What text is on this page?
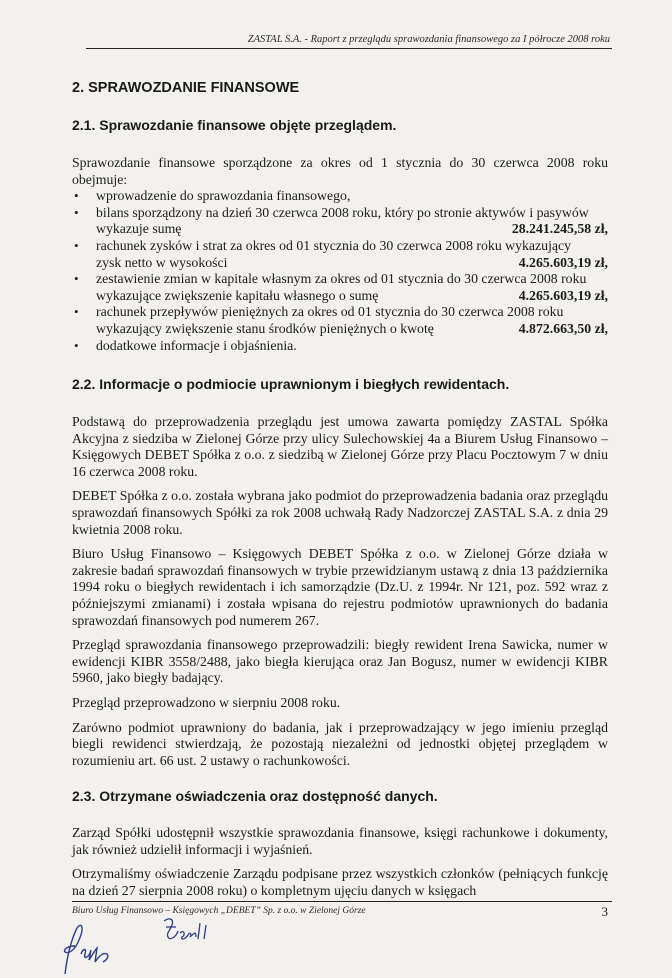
ZASTAL S.A. - Raport z przeglądu sprawozdania finansowego za I półrocze 2008 roku
2. SPRAWOZDANIE FINANSOWE
2.1. Sprawozdanie finansowe objęte przeglądem.

Sprawozdanie finansowe sporządzone za okres od 1 stycznia do 30 czerwca 2008 roku obejmuje:

• wprowadzenie do sprawozdania finansowego,
• bilans sporządzony na dzień 30 czerwca 2008 roku, który po stronie aktywów i pasywów
wykazuje sumę	28.241.245,58 zł,
• rachunek zysków i strat za okres od 01 stycznia do 30 czerwca 2008 roku wykazujący
zysk netto w wysokości	4.265.603,19 zł,
• zestawienie zmian w kapitale własnym za okres od 01 stycznia do 30 czerwca 2008 roku
wykazujące zwiększenie kapitału własnego o sumę	4.265.603,19 zł,
• rachunek przepływów pieniężnych za okres od 01 stycznia do 30 czerwca 2008 roku
wykazujący zwiększenie stanu środków pieniężnych o kwotę	4.872.663,50 zł,
• dodatkowe informacje i objaśnienia.
2.2. Informacje o podmiocie uprawnionym i biegłych rewidentach.

Podstawą do przeprowadzenia przeglądu jest umowa zawarta pomiędzy ZASTAL Spółka Akcyjna z siedziba w Zielonej Górze przy ulicy Sulechowskiej 4a a Biurem Usług Finansowo – Księgowych DEBET Spółka z o.o. z siedzibą w Zielonej Górze przy Placu Pocztowym 7 w dniu 16 czerwca 2008 roku.

DEBET Spółka z o.o. została wybrana jako podmiot do przeprowadzenia badania oraz przeglądu sprawozdań finansowych Spółki za rok 2008 uchwałą Rady Nadzorczej ZASTAL S.A. z dnia 29 kwietnia 2008 roku.

Biuro Usług Finansowo – Księgowych DEBET Spółka z o.o. w Zielonej Górze działa w zakresie badań sprawozdań finansowych w trybie przewidzianym ustawą z dnia 13 października 1994 roku o biegłych rewidentach i ich samorządzie (Dz.U. z 1994r. Nr 121, poz. 592 wraz z późniejszymi zmianami) i została wpisana do rejestru podmiotów uprawnionych do badania sprawozdań finansowych pod numerem 267.

Przegląd sprawozdania finansowego przeprowadzili: biegły rewident Irena Sawicka, numer w ewidencji KIBR 3558/2488, jako biegła kierująca oraz Jan Bogusz, numer w ewidencji KIBR 5960, jako biegły badający.

Przegląd przeprowadzono w sierpniu 2008 roku.

Zarówno podmiot uprawniony do badania, jak i przeprowadzający w jego imieniu przegląd biegli rewidenci stwierdzają, że pozostają niezależni od jednostki objętej przeglądem w rozumieniu art. 66 ust. 2 ustawy o rachunkowości.

2.3. Otrzymane oświadczenia oraz dostępność danych.

Zarząd Spółki udostępnił wszystkie sprawozdania finansowe, księgi rachunkowe i dokumenty, jak również udzielił informacji i wyjaśnień.

Otrzymaliśmy oświadczenie Zarządu podpisane przez wszystkich członków (pełniących funkcję na dzień 27 sierpnia 2008 roku) o kompletnym ujęciu danych w księgach

Biuro Usług Finansowo – Księgowych „DEBET” Sp. z o.o. w Zielonej Górze	3
